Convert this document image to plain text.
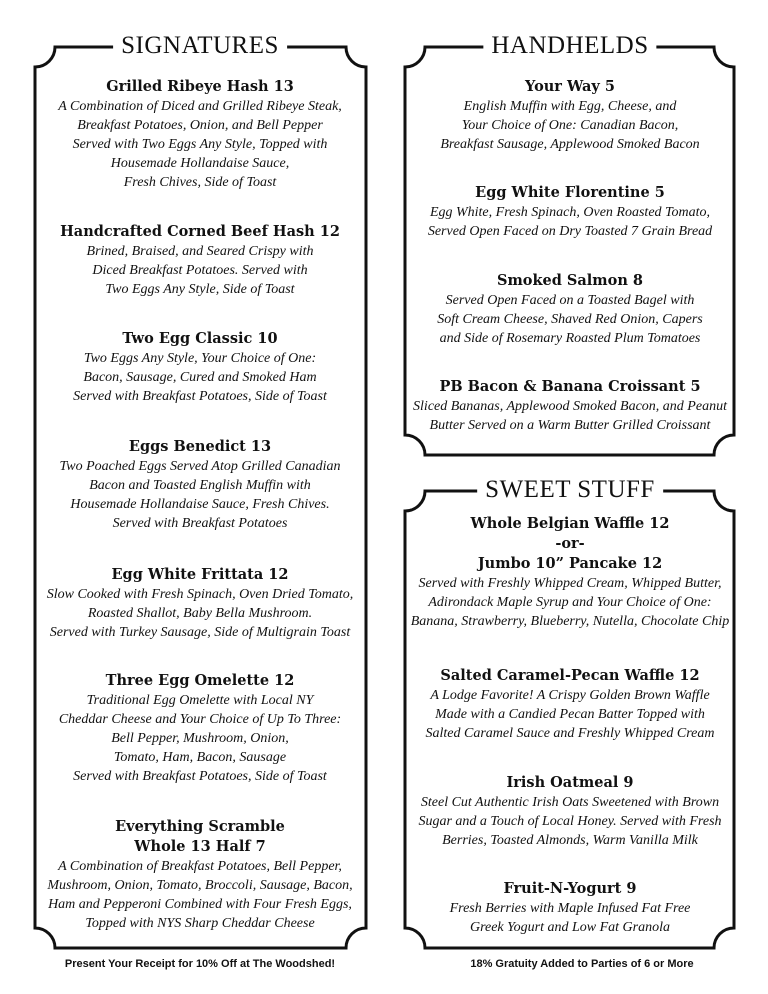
SIGNATURES
Grilled Ribeye Hash 13
A Combination of Diced and Grilled Ribeye Steak,
Breakfast Potatoes, Onion, and Bell Pepper
Served with Two Eggs Any Style, Topped with
Housemade Hollandaise Sauce,
Fresh Chives, Side of Toast
Handcrafted Corned Beef Hash 12
Brined, Braised, and Seared Crispy with
Diced Breakfast Potatoes. Served with
Two Eggs Any Style, Side of Toast
Two Egg Classic 10
Two Eggs Any Style, Your Choice of One:
Bacon, Sausage, Cured and Smoked Ham
Served with Breakfast Potatoes, Side of Toast
Eggs Benedict 13
Two Poached Eggs Served Atop Grilled Canadian
Bacon and Toasted English Muffin with
Housemade Hollandaise Sauce, Fresh Chives.
Served with Breakfast Potatoes
Egg White Frittata 12
Slow Cooked with Fresh Spinach, Oven Dried Tomato,
Roasted Shallot, Baby Bella Mushroom.
Served with Turkey Sausage, Side of Multigrain Toast
Three Egg Omelette 12
Traditional Egg Omelette with Local NY
Cheddar Cheese and Your Choice of Up To Three:
Bell Pepper, Mushroom, Onion,
Tomato, Ham, Bacon, Sausage
Served with Breakfast Potatoes, Side of Toast
Everything Scramble
Whole 13 Half 7
A Combination of Breakfast Potatoes, Bell Pepper,
Mushroom, Onion, Tomato, Broccoli, Sausage, Bacon,
Ham and Pepperoni Combined with Four Fresh Eggs,
Topped with NYS Sharp Cheddar Cheese
HANDHELDS
Your Way 5
English Muffin with Egg, Cheese, and
Your Choice of One: Canadian Bacon,
Breakfast Sausage, Applewood Smoked Bacon
Egg White Florentine 5
Egg White, Fresh Spinach, Oven Roasted Tomato,
Served Open Faced on Dry Toasted 7 Grain Bread
Smoked Salmon 8
Served Open Faced on a Toasted Bagel with
Soft Cream Cheese, Shaved Red Onion, Capers
and Side of Rosemary Roasted Plum Tomatoes
PB Bacon & Banana Croissant 5
Sliced Bananas, Applewood Smoked Bacon, and Peanut
Butter Served on a Warm Butter Grilled Croissant
SWEET STUFF
Whole Belgian Waffle 12
-or-
Jumbo 10” Pancake 12
Served with Freshly Whipped Cream, Whipped Butter,
Adirondack Maple Syrup and Your Choice of One:
Banana, Strawberry, Blueberry, Nutella, Chocolate Chip
Salted Caramel-Pecan Waffle 12
A Lodge Favorite! A Crispy Golden Brown Waffle
Made with a Candied Pecan Batter Topped with
Salted Caramel Sauce and Freshly Whipped Cream
Irish Oatmeal 9
Steel Cut Authentic Irish Oats Sweetened with Brown
Sugar and a Touch of Local Honey. Served with Fresh
Berries, Toasted Almonds, Warm Vanilla Milk
Fruit-N-Yogurt 9
Fresh Berries with Maple Infused Fat Free
Greek Yogurt and Low Fat Granola
Present Your Receipt for 10% Off at The Woodshed!	18% Gratuity Added to Parties of 6 or More
